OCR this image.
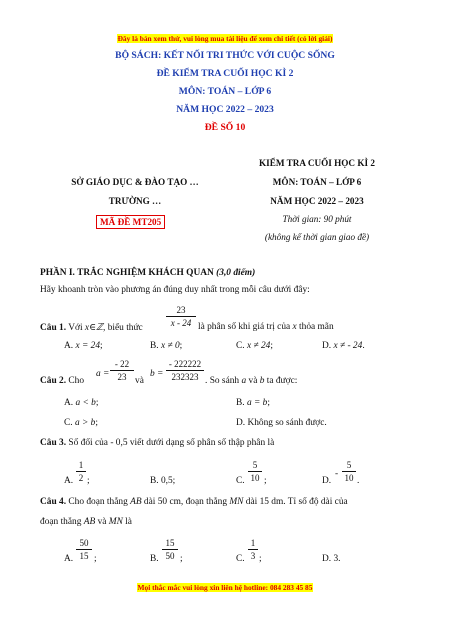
Đây là bản xem thử, vui lòng mua tài liệu để xem chi tiết (có lời giải)
BỘ SÁCH: KẾT NỐI TRI THỨC VỚI CUỘC SỐNG
ĐỀ KIỂM TRA CUỐI HỌC KÌ 2
MÔN: TOÁN – LỚP 6
NĂM HỌC 2022 – 2023
ĐỀ SỐ 10
SỞ GIÁO DỤC & ĐÀO TẠO …
TRƯỜNG …
MÃ ĐỀ MT205
KIỂM TRA CUỐI HỌC KÌ 2
MÔN: TOÁN – LỚP 6
NĂM HỌC 2022 – 2023
Thời gian: 90 phút
(không kể thời gian giao đề)
PHẦN I. TRẮC NGHIỆM KHÁCH QUAN (3,0 điểm)
Hãy khoanh tròn vào phương án đúng duy nhất trong mỗi câu dưới đây:
23
x - 24
Câu 1. Với x∈ℤ, biểu thức	là phân số khi giá trị của x thỏa mãn
A. x = 24;	B. x ≠ 0;	C. x ≠ 24;	D. x ≠ - 24.
Câu 2. Cho
a =
- 22
23 và
b =
- 222222
232323 . So sánh a và b ta được:
A. a < b;	B. a = b;
C. a > b;	D. Không so sánh được.
Câu 3. Số đối của - 0,5 viết dưới dạng số phân số thập phân là
A.
1
2 ;	B. 0,5;	C.
5
10 ;	D.
-
5
10 .
Câu 4. Cho đoạn thẳng AB dài 50 cm, đoạn thẳng MN dài 15 dm. Tỉ số độ dài của
đoạn thẳng AB và MN là
A.
50
15 ;	B.
15
50 ;	C.
1
3 ;	D. 3.
Mọi thắc mắc vui lòng xin liên hệ hotline: 084 283 45 85
